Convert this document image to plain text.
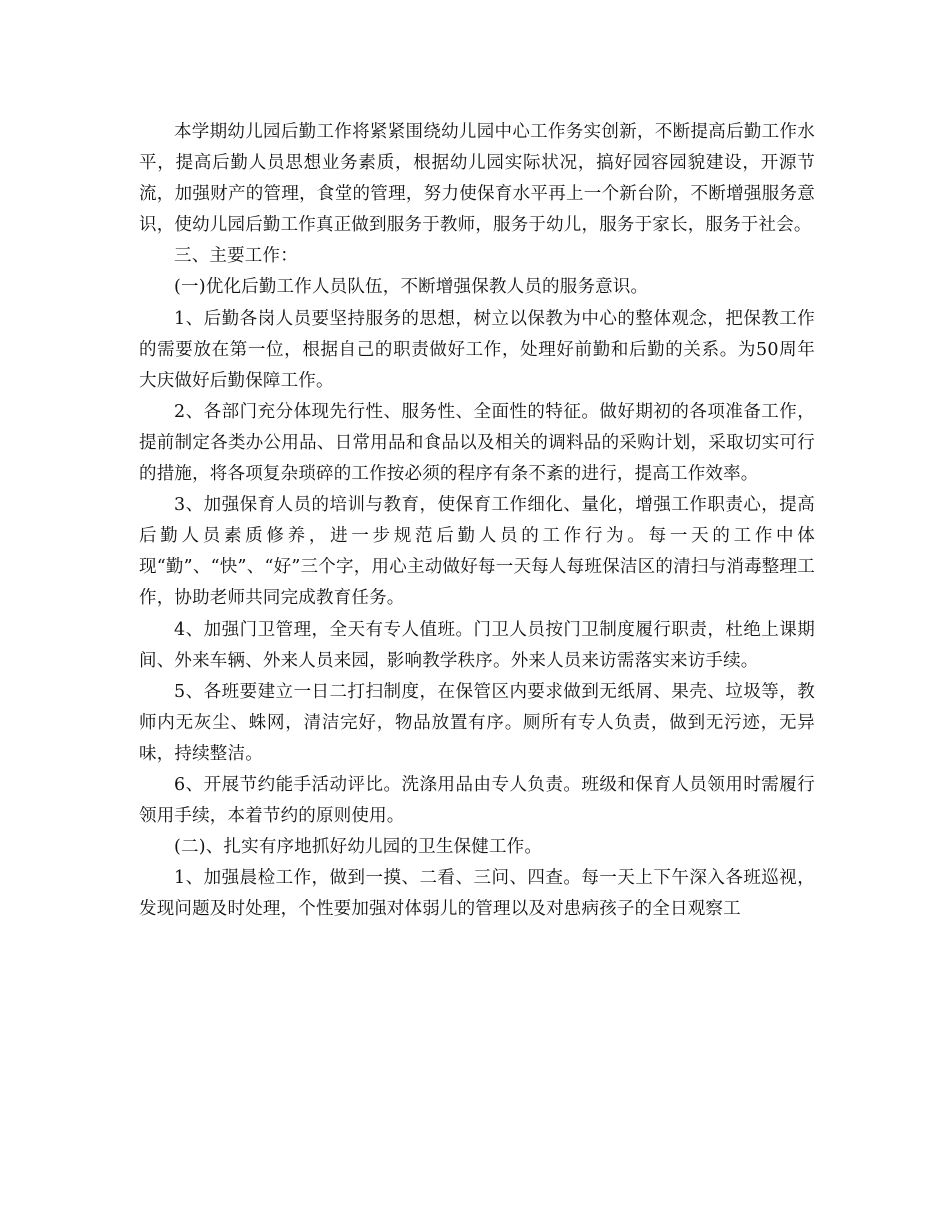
本学期幼儿园后勤工作将紧紧围绕幼儿园中心工作务实创新，不断提高后勤工作水平，提高后勤人员思想业务素质，根据幼儿园实际状况，搞好园容园貌建设，开源节流，加强财产的管理，食堂的管理，努力使保育水平再上一个新台阶，不断增强服务意识，使幼儿园后勤工作真正做到服务于教师，服务于幼儿，服务于家长，服务于社会。

三、主要工作：

(一)优化后勤工作人员队伍，不断增强保教人员的服务意识。

1、后勤各岗人员要坚持服务的思想，树立以保教为中心的整体观念，把保教工作的需要放在第一位，根据自己的职责做好工作，处理好前勤和后勤的关系。为50周年大庆做好后勤保障工作。

2、各部门充分体现先行性、服务性、全面性的特征。做好期初的各项准备工作，提前制定各类办公用品、日常用品和食品以及相关的调料品的采购计划，采取切实可行的措施，将各项复杂琐碎的工作按必须的程序有条不紊的进行，提高工作效率。

3、加强保育人员的培训与教育，使保育工作细化、量化，增强工作职责心，提高后勤人员素质修养，进一步规范后勤人员的工作行为。每一天的工作中体现“勤”、“快”、“好”三个字，用心主动做好每一天每人每班保洁区的清扫与消毒整理工作，协助老师共同完成教育任务。

4、加强门卫管理，全天有专人值班。门卫人员按门卫制度履行职责，杜绝上课期间、外来车辆、外来人员来园，影响教学秩序。外来人员来访需落实来访手续。

5、各班要建立一日二打扫制度，在保管区内要求做到无纸屑、果壳、垃圾等，教师内无灰尘、蛛网，清洁完好，物品放置有序。厕所有专人负责，做到无污迹，无异味，持续整洁。

6、开展节约能手活动评比。洗涤用品由专人负责。班级和保育人员领用时需履行领用手续，本着节约的原则使用。

(二)、扎实有序地抓好幼儿园的卫生保健工作。

1、加强晨检工作，做到一摸、二看、三问、四查。每一天上下午深入各班巡视，发现问题及时处理，个性要加强对体弱儿的管理以及对患病孩子的全日观察工
